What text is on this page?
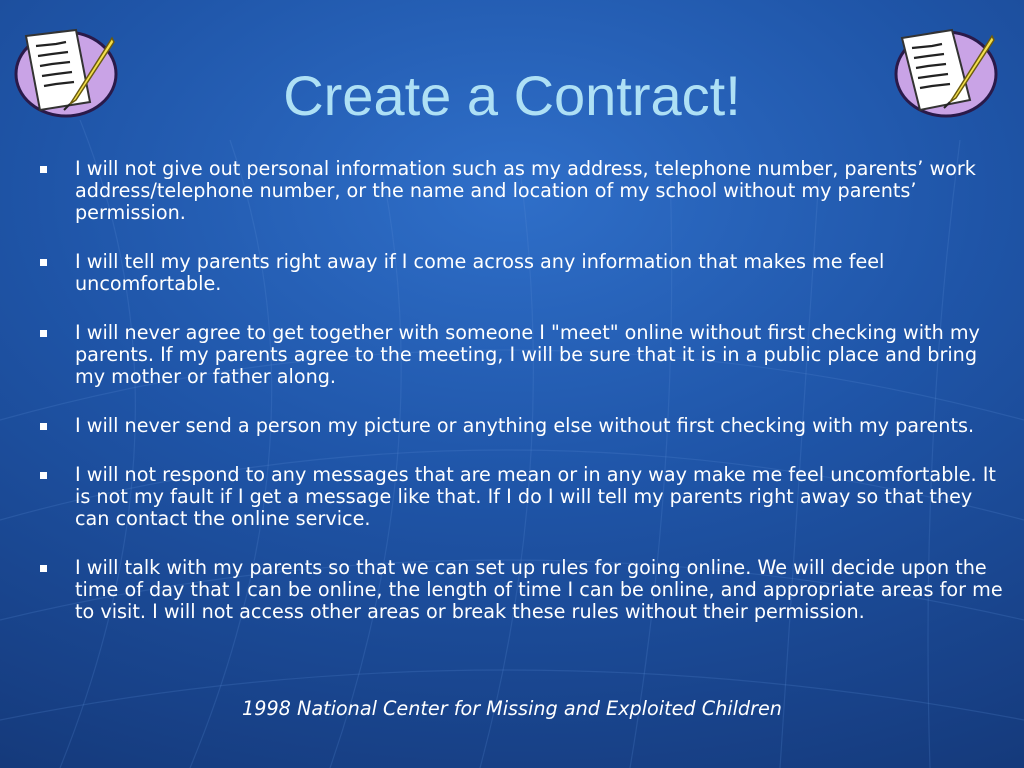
Create a Contract!
I will not give out personal information such as my address, telephone number, parents’ work address/telephone number, or the name and location of my school without my parents’ permission.
I will tell my parents right away if I come across any information that makes me feel uncomfortable.
I will never agree to get together with someone I "meet" online without first checking with my parents. If my parents agree to the meeting, I will be sure that it is in a public place and bring my mother or father along.
I will never send a person my picture or anything else without first checking with my parents.
I will not respond to any messages that are mean or in any way make me feel uncomfortable. It is not my fault if I get a message like that. If I do I will tell my parents right away so that they can contact the online service.
I will talk with my parents so that we can set up rules for going online. We will decide upon the time of day that I can be online, the length of time I can be online, and appropriate areas for me to visit. I will not access other areas or break these rules without their permission.
1998 National Center for Missing and Exploited Children
